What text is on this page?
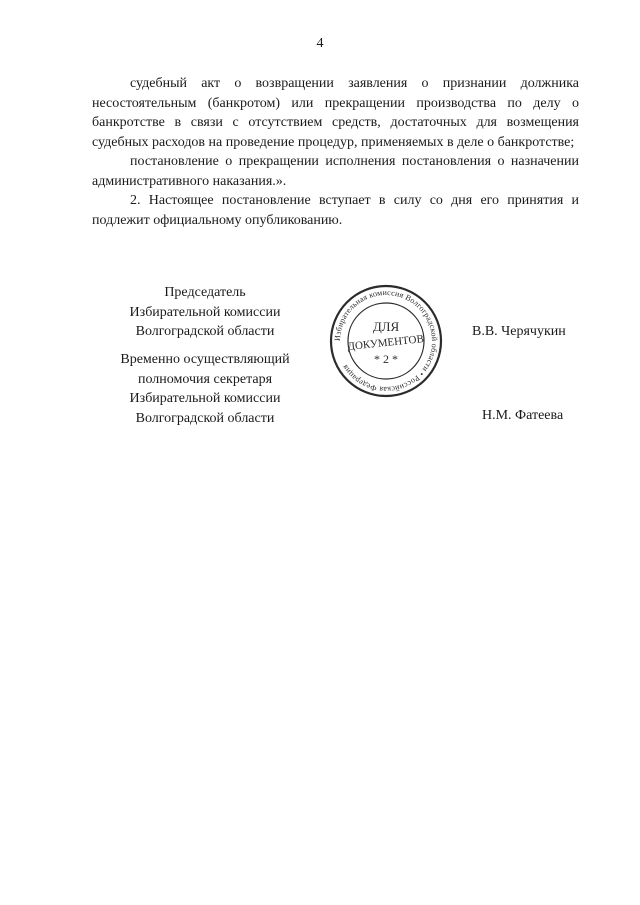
4

судебный акт о возвращении заявления о признании должника несостоятельным (банкротом) или прекращении производства по делу о банкротстве в связи с отсутствием средств, достаточных для возмещения судебных расходов на проведение процедур, применяемых в деле о банкротстве;

постановление о прекращении исполнения постановления о назначении административного наказания.».

2. Настоящее постановление вступает в силу со дня его принятия и подлежит официальному опубликованию.

Председатель
Избирательной комиссии
Волгоградской области
Временно осуществляющий
полномочия секретаря
Избирательной комиссии
Волгоградской области
В.В. Черячукин
Н.М. Фатеева
Избирательная комиссия Волгоградской области • Российская Федерация
ДЛЯ
ДОКУМЕНТОВ
* 2 *
